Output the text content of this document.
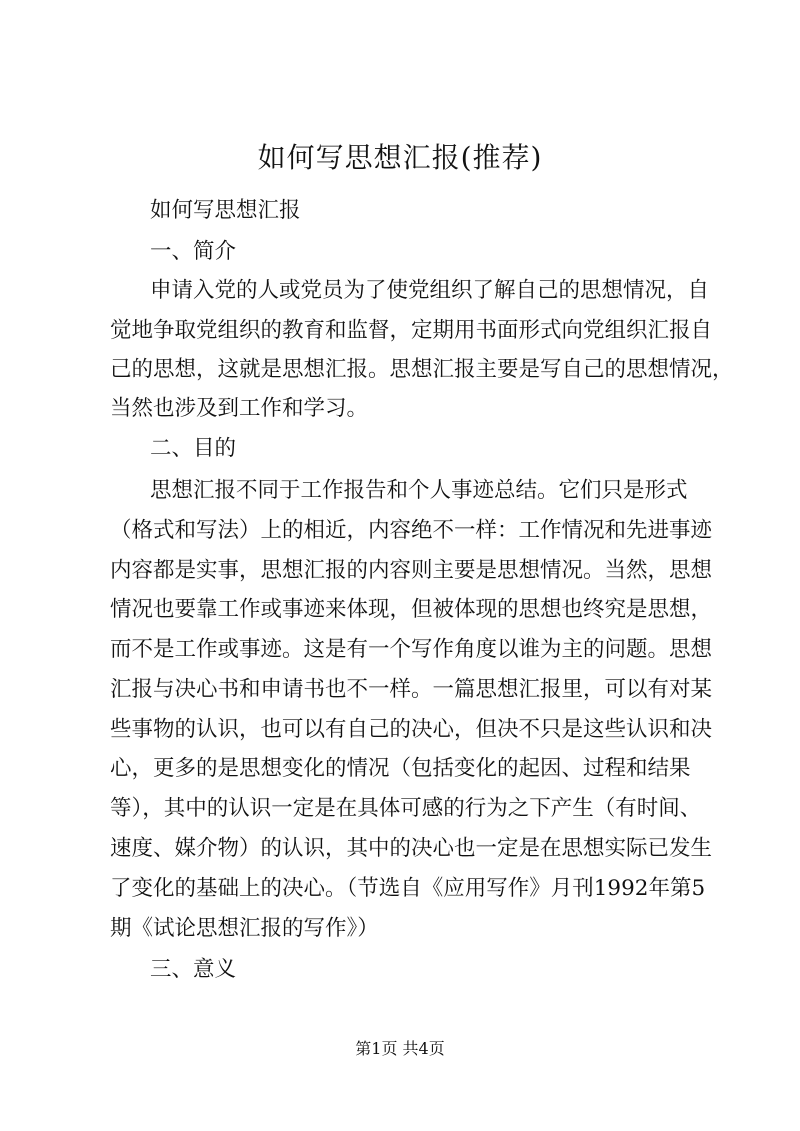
如何写思想汇报(推荐)
如何写思想汇报
一、简介
申请入党的人或党员为了使党组织了解自己的思想情况，自
觉地争取党组织的教育和监督，定期用书面形式向党组织汇报自
己的思想，这就是思想汇报。思想汇报主要是写自己的思想情况，
当然也涉及到工作和学习。
二、目的
思想汇报不同于工作报告和个人事迹总结。它们只是形式
（格式和写法）上的相近，内容绝不一样：工作情况和先进事迹
内容都是实事，思想汇报的内容则主要是思想情况。当然，思想
情况也要靠工作或事迹来体现，但被体现的思想也终究是思想，
而不是工作或事迹。这是有一个写作角度以谁为主的问题。思想
汇报与决心书和申请书也不一样。一篇思想汇报里，可以有对某
些事物的认识，也可以有自己的决心，但决不只是这些认识和决
心，更多的是思想变化的情况（包括变化的起因、过程和结果
等），其中的认识一定是在具体可感的行为之下产生（有时间、
速度、媒介物）的认识，其中的决心也一定是在思想实际已发生
了变化的基础上的决心。（节选自《应用写作》月刊1992年第5
期《试论思想汇报的写作》）
三、意义
第1页 共4页
